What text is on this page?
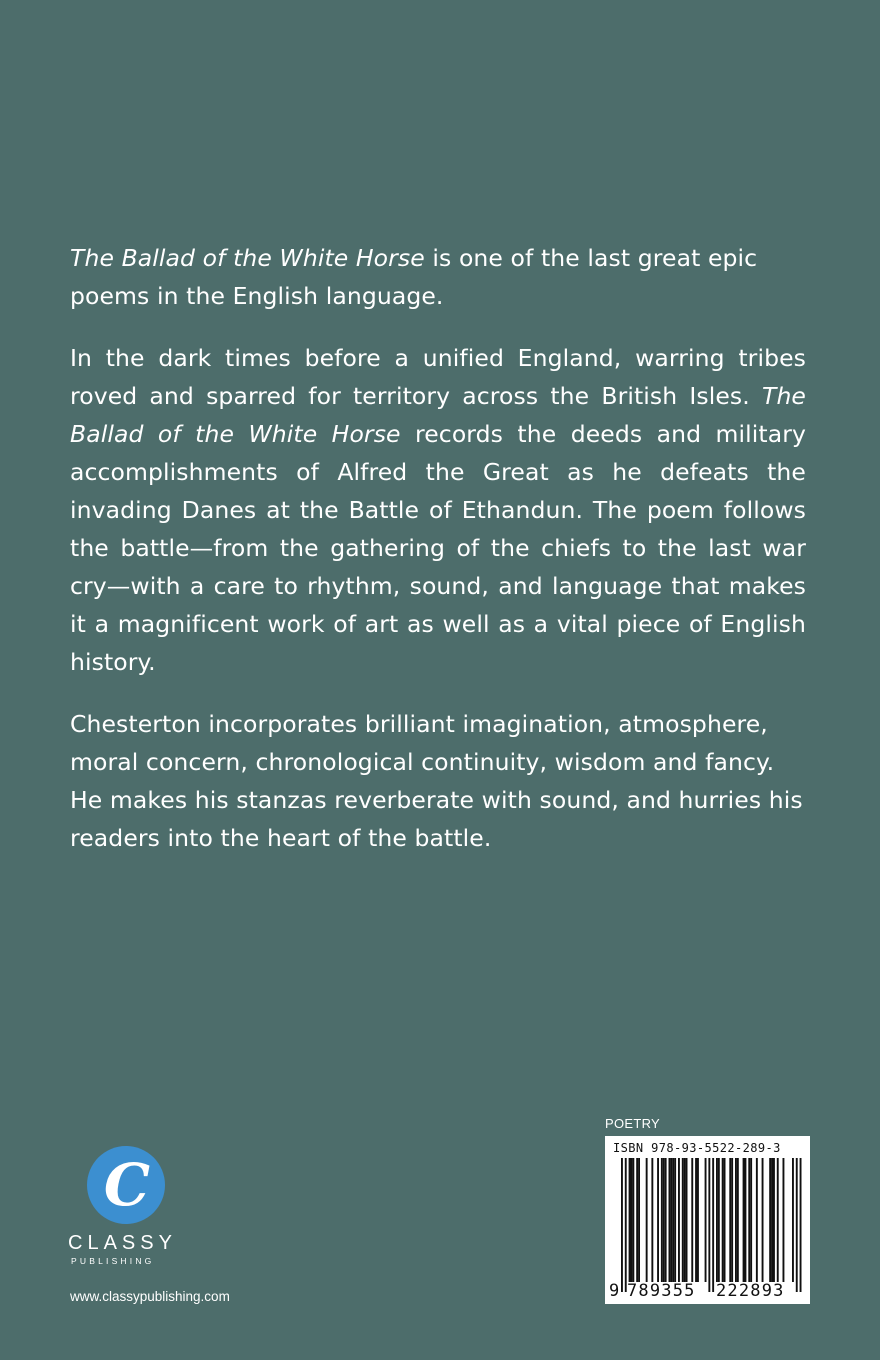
The Ballad of the White Horse is one of the last great epic poems in the English language.

In the dark times before a unified England, warring tribes roved and sparred for territory across the British Isles. The Ballad of the White Horse records the deeds and military accomplishments of Alfred the Great as he defeats the invading Danes at the Battle of Ethandun. The poem follows the battle—from the gathering of the chiefs to the last war cry—with a care to rhythm, sound, and language that makes it a magnificent work of art as well as a vital piece of English history.

Chesterton incorporates brilliant imagination, atmosphere, moral concern, chronological continuity, wisdom and fancy. He makes his stanzas reverberate with sound, and hurries his readers into the heart of the battle.

C
CLASSY
PUBLISHING
www.classypublishing.com
POETRY
ISBN 978-93-5522-289-3
9 789355 222893
